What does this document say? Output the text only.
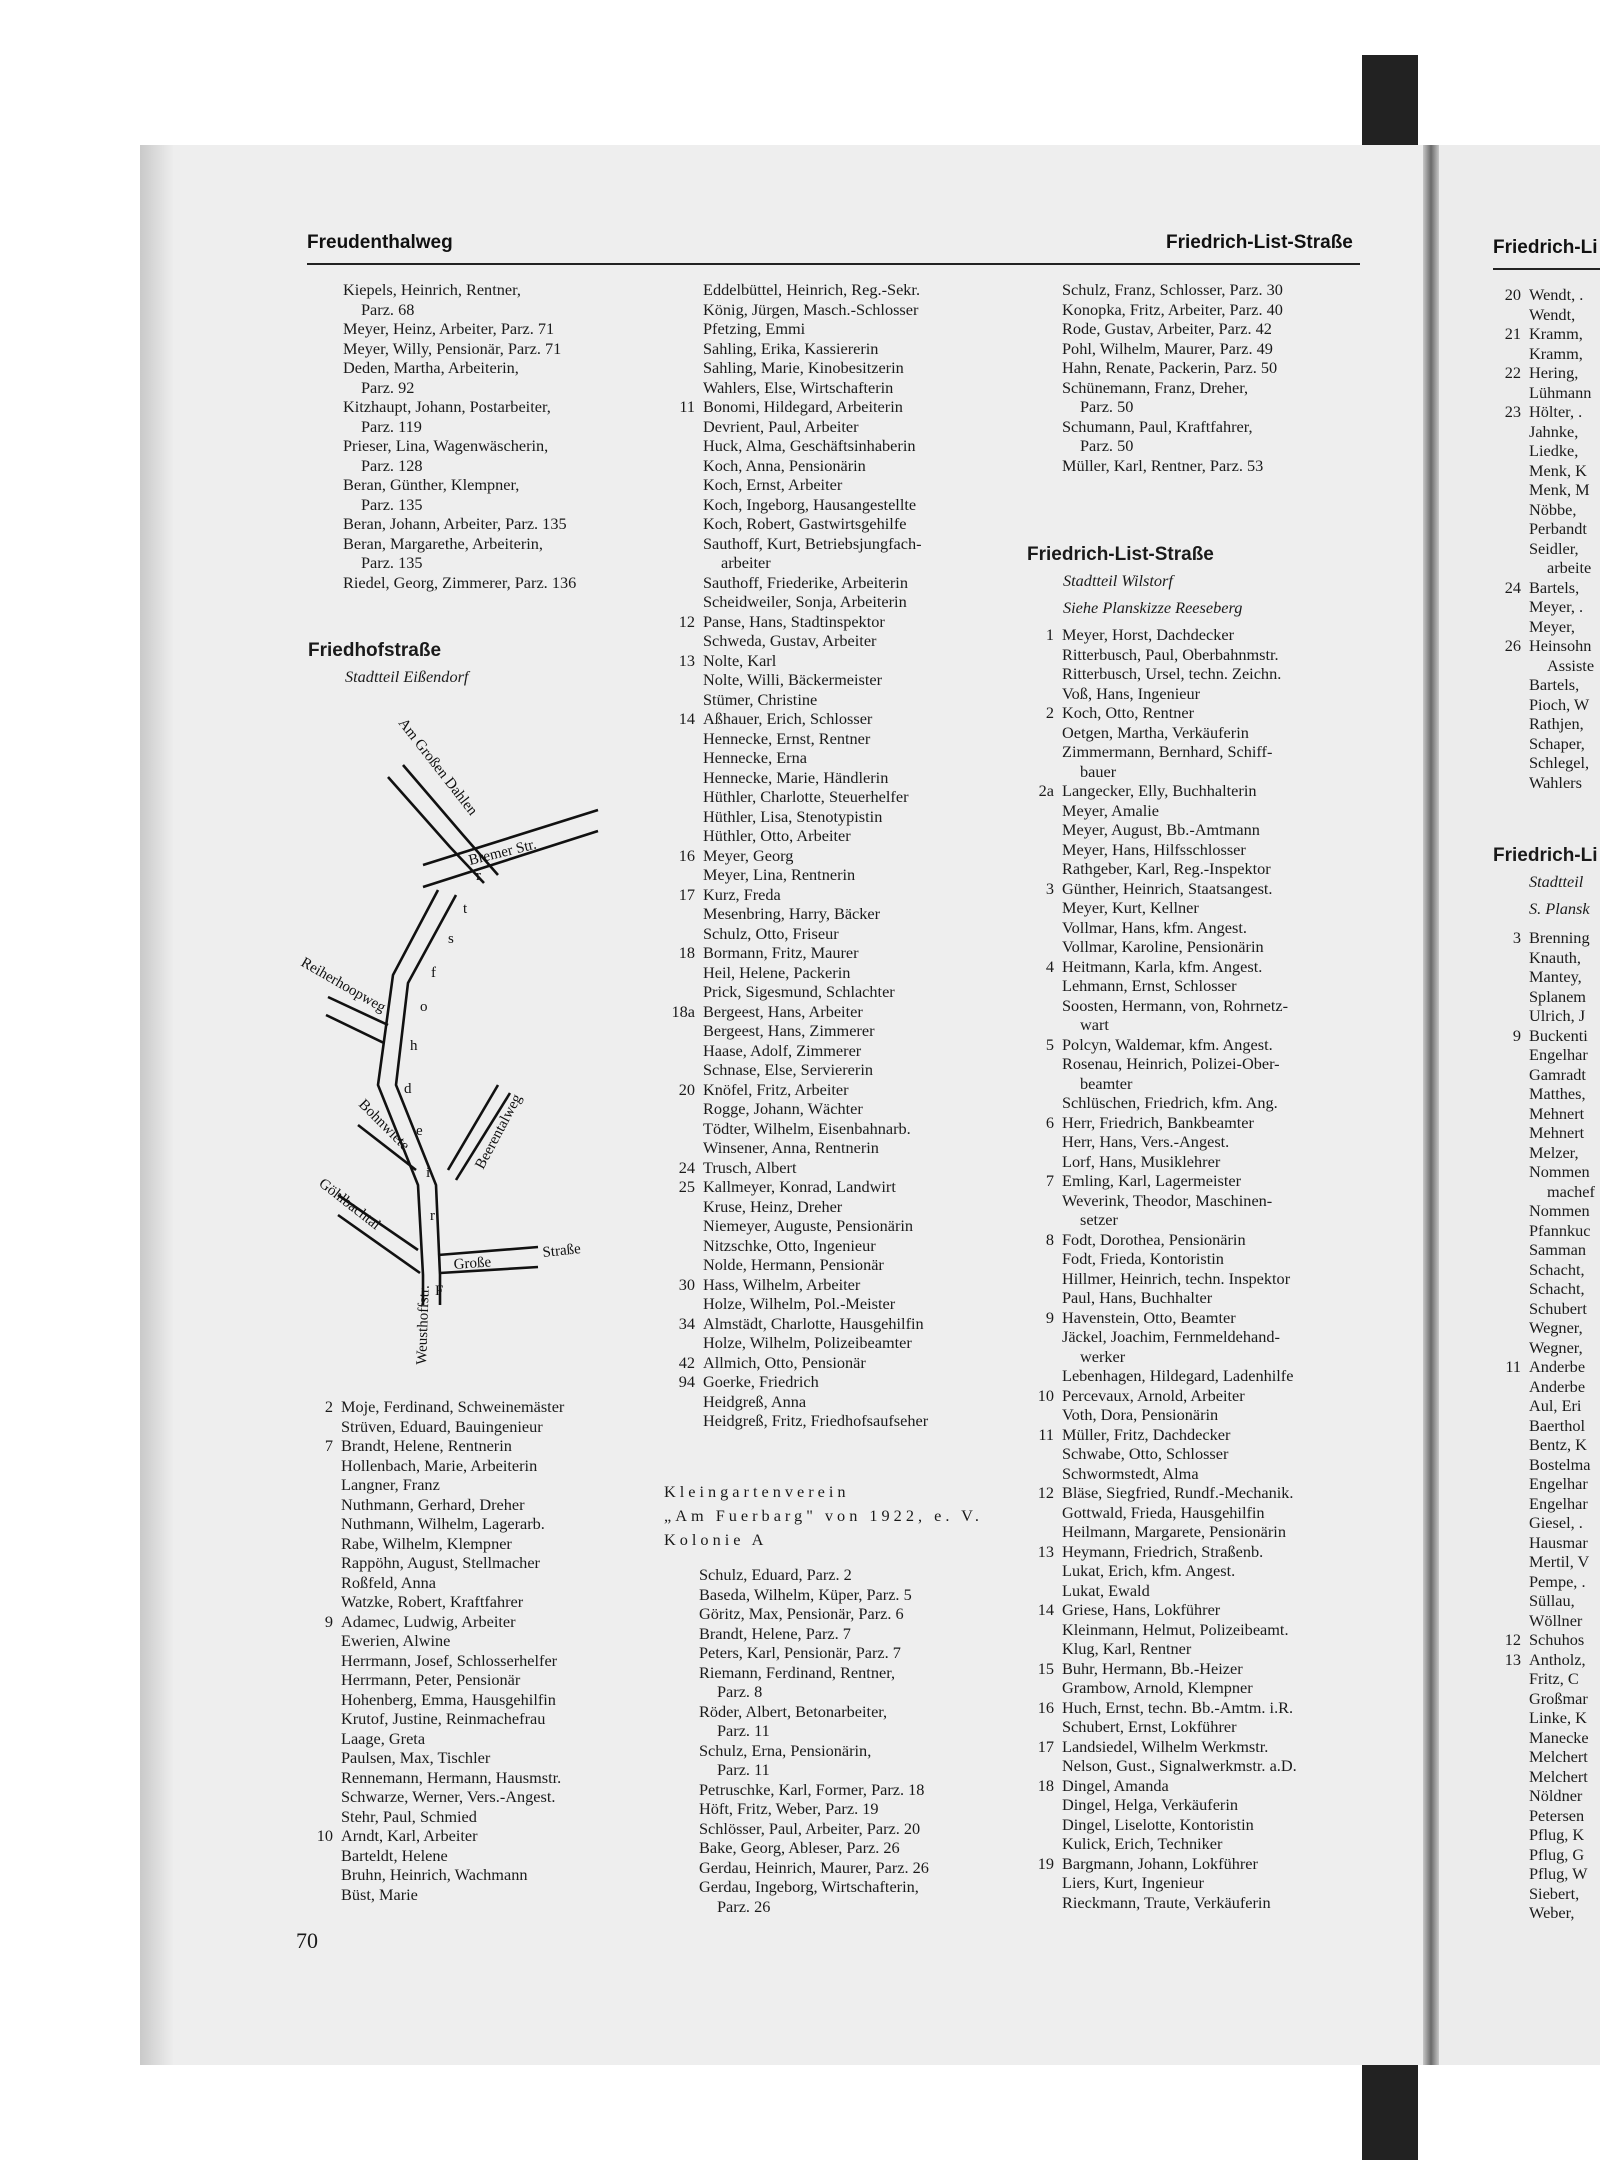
Freudenthalweg	Friedrich-List-Straße	Friedrich-Li
Kiepels, Heinrich, Rentner,
Parz. 68
Meyer, Heinz, Arbeiter, Parz. 71
Meyer, Willy, Pensionär, Parz. 71
Deden, Martha, Arbeiterin,
Parz. 92
Kitzhaupt, Johann, Postarbeiter,
Parz. 119
Prieser, Lina, Wagenwäscherin,
Parz. 128
Beran, Günther, Klempner,
Parz. 135
Beran, Johann, Arbeiter, Parz. 135
Beran, Margarethe, Arbeiterin,
Parz. 135
Riedel, Georg, Zimmerer, Parz. 136
Friedhofstraße
Stadtteil Eißendorf
Am Großen Dahlen
Bremer Str.
Reiherhoopweg
Beerentalweg
Bohnwiete
Göhlbachtal
Große
Straße
Weusthoffstr.
r
t
s
f
o
h
d
e
i
r
F
2 Moje, Ferdinand, Schweinemäster
Strüven, Eduard, Bauingenieur
7 Brandt, Helene, Rentnerin
Hollenbach, Marie, Arbeiterin
Langner, Franz
Nuthmann, Gerhard, Dreher
Nuthmann, Wilhelm, Lagerarb.
Rabe, Wilhelm, Klempner
Rappöhn, August, Stellmacher
Roßfeld, Anna
Watzke, Robert, Kraftfahrer
9 Adamec, Ludwig, Arbeiter
Ewerien, Alwine
Herrmann, Josef, Schlosserhelfer
Herrmann, Peter, Pensionär
Hohenberg, Emma, Hausgehilfin
Krutof, Justine, Reinmachefrau
Laage, Greta
Paulsen, Max, Tischler
Rennemann, Hermann, Hausmstr.
Schwarze, Werner, Vers.-Angest.
Stehr, Paul, Schmied
10 Arndt, Karl, Arbeiter
Barteldt, Helene
Bruhn, Heinrich, Wachmann
Büst, Marie
70
Eddelbüttel, Heinrich, Reg.-Sekr.
König, Jürgen, Masch.-Schlosser
Pfetzing, Emmi
Sahling, Erika, Kassiererin
Sahling, Marie, Kinobesitzerin
Wahlers, Else, Wirtschafterin
11 Bonomi, Hildegard, Arbeiterin
Devrient, Paul, Arbeiter
Huck, Alma, Geschäftsinhaberin
Koch, Anna, Pensionärin
Koch, Ernst, Arbeiter
Koch, Ingeborg, Hausangestellte
Koch, Robert, Gastwirtsgehilfe
Sauthoff, Kurt, Betriebsjungfach-
arbeiter
Sauthoff, Friederike, Arbeiterin
Scheidweiler, Sonja, Arbeiterin
12 Panse, Hans, Stadtinspektor
Schweda, Gustav, Arbeiter
13 Nolte, Karl
Nolte, Willi, Bäckermeister
Stümer, Christine
14 Aßhauer, Erich, Schlosser
Hennecke, Ernst, Rentner
Hennecke, Erna
Hennecke, Marie, Händlerin
Hüthler, Charlotte, Steuerhelfer
Hüthler, Lisa, Stenotypistin
Hüthler, Otto, Arbeiter
16 Meyer, Georg
Meyer, Lina, Rentnerin
17 Kurz, Freda
Mesenbring, Harry, Bäcker
Schulz, Otto, Friseur
18 Bormann, Fritz, Maurer
Heil, Helene, Packerin
Prick, Sigesmund, Schlachter
18a Bergeest, Hans, Arbeiter
Bergeest, Hans, Zimmerer
Haase, Adolf, Zimmerer
Schnase, Else, Serviererin
20 Knöfel, Fritz, Arbeiter
Rogge, Johann, Wächter
Tödter, Wilhelm, Eisenbahnarb.
Winsener, Anna, Rentnerin
24 Trusch, Albert
25 Kallmeyer, Konrad, Landwirt
Kruse, Heinz, Dreher
Niemeyer, Auguste, Pensionärin
Nitzschke, Otto, Ingenieur
Nolde, Hermann, Pensionär
30 Hass, Wilhelm, Arbeiter
Holze, Wilhelm, Pol.-Meister
34 Almstädt, Charlotte, Hausgehilfin
Holze, Wilhelm, Polizeibeamter
42 Allmich, Otto, Pensionär
94 Goerke, Friedrich
Heidgreß, Anna
Heidgreß, Fritz, Friedhofsaufseher
Kleingartenverein
„Am Fuerbarg" von 1922, e. V.
Kolonie A
Schulz, Eduard, Parz. 2
Baseda, Wilhelm, Küper, Parz. 5
Göritz, Max, Pensionär, Parz. 6
Brandt, Helene, Parz. 7
Peters, Karl, Pensionär, Parz. 7
Riemann, Ferdinand, Rentner,
Parz. 8
Röder, Albert, Betonarbeiter,
Parz. 11
Schulz, Erna, Pensionärin,
Parz. 11
Petruschke, Karl, Former, Parz. 18
Höft, Fritz, Weber, Parz. 19
Schlösser, Paul, Arbeiter, Parz. 20
Bake, Georg, Ableser, Parz. 26
Gerdau, Heinrich, Maurer, Parz. 26
Gerdau, Ingeborg, Wirtschafterin,
Parz. 26
Schulz, Franz, Schlosser, Parz. 30
Konopka, Fritz, Arbeiter, Parz. 40
Rode, Gustav, Arbeiter, Parz. 42
Pohl, Wilhelm, Maurer, Parz. 49
Hahn, Renate, Packerin, Parz. 50
Schünemann, Franz, Dreher,
Parz. 50
Schumann, Paul, Kraftfahrer,
Parz. 50
Müller, Karl, Rentner, Parz. 53
Friedrich-List-Straße
Stadtteil Wilstorf
Siehe Planskizze Reeseberg
1 Meyer, Horst, Dachdecker
Ritterbusch, Paul, Oberbahnmstr.
Ritterbusch, Ursel, techn. Zeichn.
Voß, Hans, Ingenieur
2 Koch, Otto, Rentner
Oetgen, Martha, Verkäuferin
Zimmermann, Bernhard, Schiff-
bauer
2a Langecker, Elly, Buchhalterin
Meyer, Amalie
Meyer, August, Bb.-Amtmann
Meyer, Hans, Hilfsschlosser
Rathgeber, Karl, Reg.-Inspektor
3 Günther, Heinrich, Staatsangest.
Meyer, Kurt, Kellner
Vollmar, Hans, kfm. Angest.
Vollmar, Karoline, Pensionärin
4 Heitmann, Karla, kfm. Angest.
Lehmann, Ernst, Schlosser
Soosten, Hermann, von, Rohrnetz-
wart
5 Polcyn, Waldemar, kfm. Angest.
Rosenau, Heinrich, Polizei-Ober-
beamter
Schlüschen, Friedrich, kfm. Ang.
6 Herr, Friedrich, Bankbeamter
Herr, Hans, Vers.-Angest.
Lorf, Hans, Musiklehrer
7 Emling, Karl, Lagermeister
Weverink, Theodor, Maschinen-
setzer
8 Fodt, Dorothea, Pensionärin
Fodt, Frieda, Kontoristin
Hillmer, Heinrich, techn. Inspektor
Paul, Hans, Buchhalter
9 Havenstein, Otto, Beamter
Jäckel, Joachim, Fernmeldehand-
werker
Lebenhagen, Hildegard, Ladenhilfe
10 Percevaux, Arnold, Arbeiter
Voth, Dora, Pensionärin
11 Müller, Fritz, Dachdecker
Schwabe, Otto, Schlosser
Schwormstedt, Alma
12 Bläse, Siegfried, Rundf.-Mechanik.
Gottwald, Frieda, Hausgehilfin
Heilmann, Margarete, Pensionärin
13 Heymann, Friedrich, Straßenb.
Lukat, Erich, kfm. Angest.
Lukat, Ewald
14 Griese, Hans, Lokführer
Kleinmann, Helmut, Polizeibeamt.
Klug, Karl, Rentner
15 Buhr, Hermann, Bb.-Heizer
Grambow, Arnold, Klempner
16 Huch, Ernst, techn. Bb.-Amtm. i.R.
Schubert, Ernst, Lokführer
17 Landsiedel, Wilhelm Werkmstr.
Nelson, Gust., Signalwerkmstr. a.D.
18 Dingel, Amanda
Dingel, Helga, Verkäuferin
Dingel, Liselotte, Kontoristin
Kulick, Erich, Techniker
19 Bargmann, Johann, Lokführer
Liers, Kurt, Ingenieur
Rieckmann, Traute, Verkäuferin
20 Wendt, .
Wendt,
21 Kramm,
Kramm,
22 Hering,
Lühmann
23 Hölter, .
Jahnke,
Liedke,
Menk, K
Menk, M
Nöbbe,
Perbandt
Seidler,
arbeite
24 Bartels,
Meyer, .
Meyer,
26 Heinsohn
Assiste
Bartels,
Pioch, W
Rathjen,
Schaper,
Schlegel,
Wahlers
Friedrich-Li
Stadtteil
S. Plansk
3 Brenning
Knauth,
Mantey,
Splanem
Ulrich, J
9 Buckenti
Engelhar
Gamradt
Matthes,
Mehnert
Mehnert
Melzer,
Nommen
machef
Nommen
Pfannkuc
Samman
Schacht,
Schacht,
Schubert
Wegner,
Wegner,
11 Anderbe
Anderbe
Aul, Eri
Baerthol
Bentz, K
Bostelma
Engelhar
Engelhar
Giesel, .
Hausmar
Mertil, V
Pempe, .
Süllau,
Wöllner
12 Schuhos
13 Antholz,
Fritz, C
Großmar
Linke, K
Manecke
Melchert
Melchert
Nöldner
Petersen
Pflug, K
Pflug, G
Pflug, W
Siebert,
Weber,
